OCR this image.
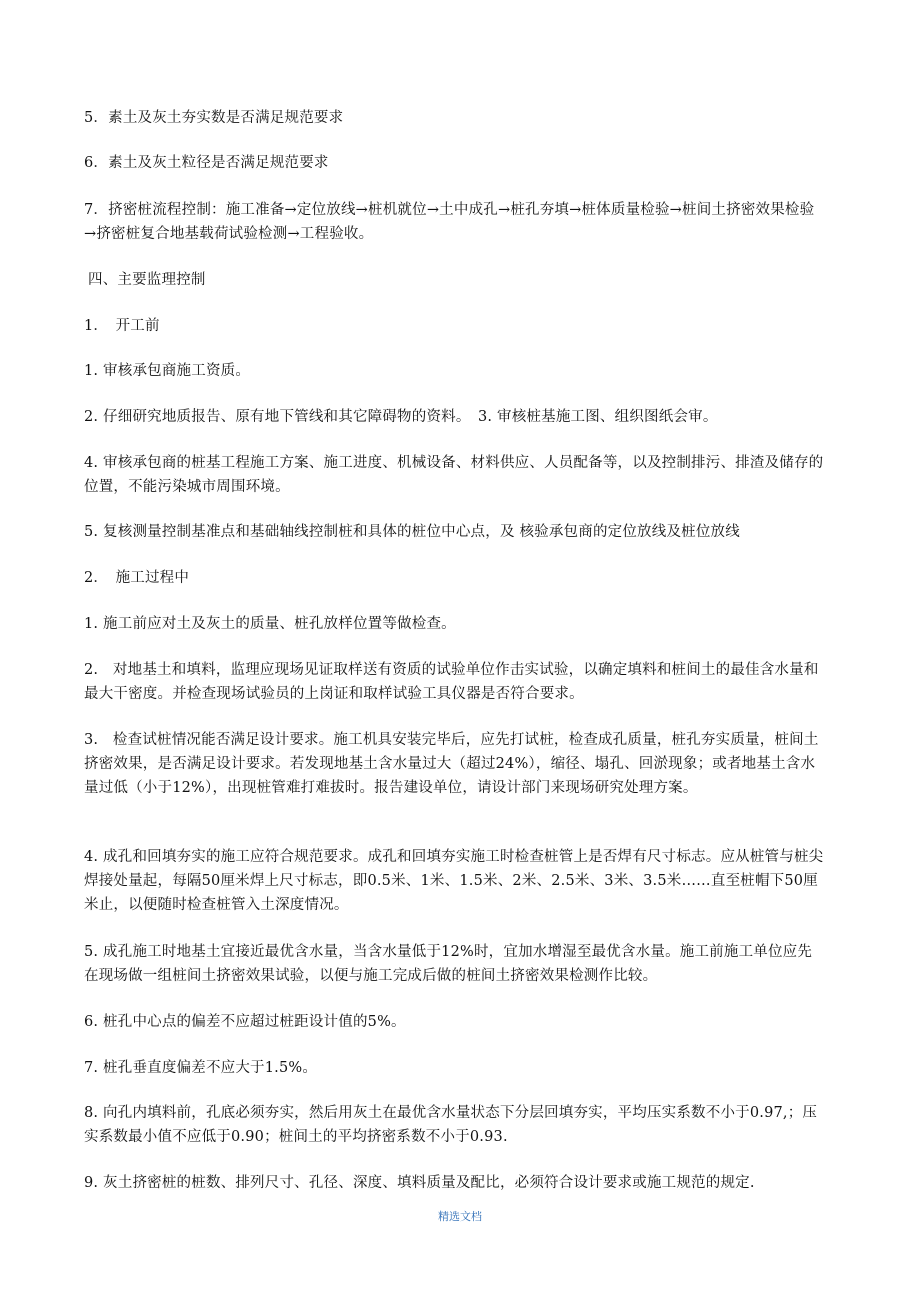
5．素土及灰土夯实数是否满足规范要求

6．素土及灰土粒径是否满足规范要求

7．挤密桩流程控制：施工准备→定位放线→桩机就位→土中成孔→桩孔夯填→桩体质量检验→桩间土挤密效果检验→挤密桩复合地基载荷试验检测→工程验收。

四、主要监理控制

1．　开工前

1. 审核承包商施工资质。

2. 仔细研究地质报告、原有地下管线和其它障碍物的资料。　3. 审核桩基施工图、组织图纸会审。

4. 审核承包商的桩基工程施工方案、施工进度、机械设备、材料供应、人员配备等，以及控制排污、排渣及储存的位置，不能污染城市周围环境。

5. 复核测量控制基准点和基础轴线控制桩和具体的桩位中心点，及 核验承包商的定位放线及桩位放线

2．　施工过程中

1. 施工前应对土及灰土的质量、桩孔放样位置等做检查。

2.　对地基土和填料，监理应现场见证取样送有资质的试验单位作击实试验，以确定填料和桩间土的最佳含水量和最大干密度。并检查现场试验员的上岗证和取样试验工具仪器是否符合要求。

3.　检查试桩情况能否满足设计要求。施工机具安装完毕后，应先打试桩，检查成孔质量，桩孔夯实质量，桩间土挤密效果，是否满足设计要求。若发现地基土含水量过大（超过24%），缩径、塌孔、回淤现象；或者地基土含水量过低（小于12%），出现桩管难打难拔时。报告建设单位，请设计部门来现场研究处理方案。

4. 成孔和回填夯实的施工应符合规范要求。成孔和回填夯实施工时检查桩管上是否焊有尺寸标志。应从桩管与桩尖焊接处量起，每隔50厘米焊上尺寸标志，即0.5米、1米、1.5米、2米、2.5米、3米、3.5米……直至桩帽下50厘米止，以便随时检查桩管入土深度情况。

5. 成孔施工时地基土宜接近最优含水量，当含水量低于12%时，宜加水增湿至最优含水量。施工前施工单位应先在现场做一组桩间土挤密效果试验，以便与施工完成后做的桩间土挤密效果检测作比较。

6. 桩孔中心点的偏差不应超过桩距设计值的5%。

7. 桩孔垂直度偏差不应大于1.5%。

8. 向孔内填料前，孔底必须夯实，然后用灰土在最优含水量状态下分层回填夯实，平均压实系数不小于0.97,；压实系数最小值不应低于0.90；桩间土的平均挤密系数不小于0.93.

9. 灰土挤密桩的桩数、排列尺寸、孔径、深度、填料质量及配比，必须符合设计要求或施工规范的规定.

精选文档
